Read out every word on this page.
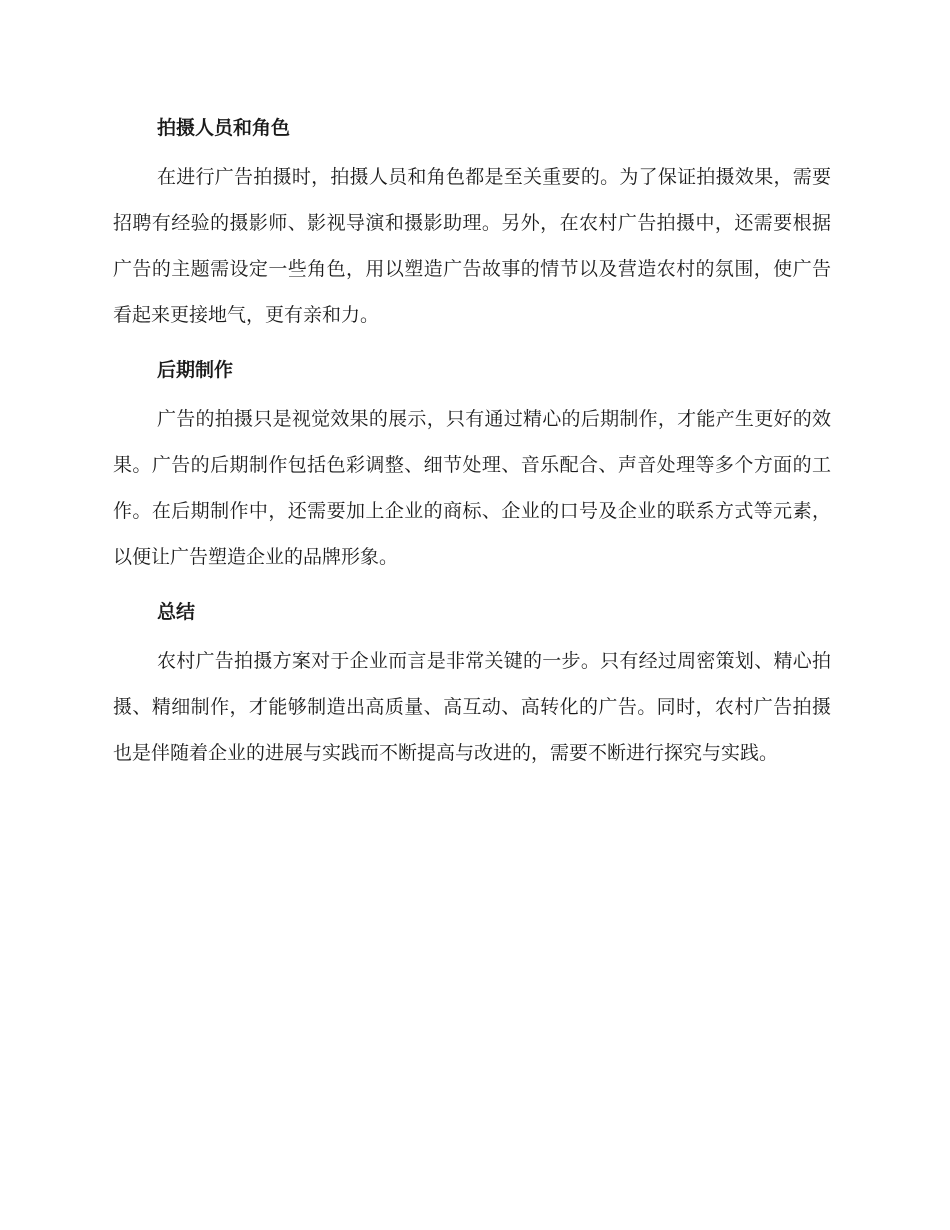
拍摄人员和角色

在进行广告拍摄时，拍摄人员和角色都是至关重要的。为了保证拍摄效果，需要招聘有经验的摄影师、影视导演和摄影助理。另外，在农村广告拍摄中，还需要根据广告的主题需设定一些角色，用以塑造广告故事的情节以及营造农村的氛围，使广告看起来更接地气，更有亲和力。

后期制作

广告的拍摄只是视觉效果的展示，只有通过精心的后期制作，才能产生更好的效果。广告的后期制作包括色彩调整、细节处理、音乐配合、声音处理等多个方面的工作。在后期制作中，还需要加上企业的商标、企业的口号及企业的联系方式等元素，以便让广告塑造企业的品牌形象。

总结

农村广告拍摄方案对于企业而言是非常关键的一步。只有经过周密策划、精心拍摄、精细制作，才能够制造出高质量、高互动、高转化的广告。同时，农村广告拍摄也是伴随着企业的进展与实践而不断提高与改进的，需要不断进行探究与实践。
